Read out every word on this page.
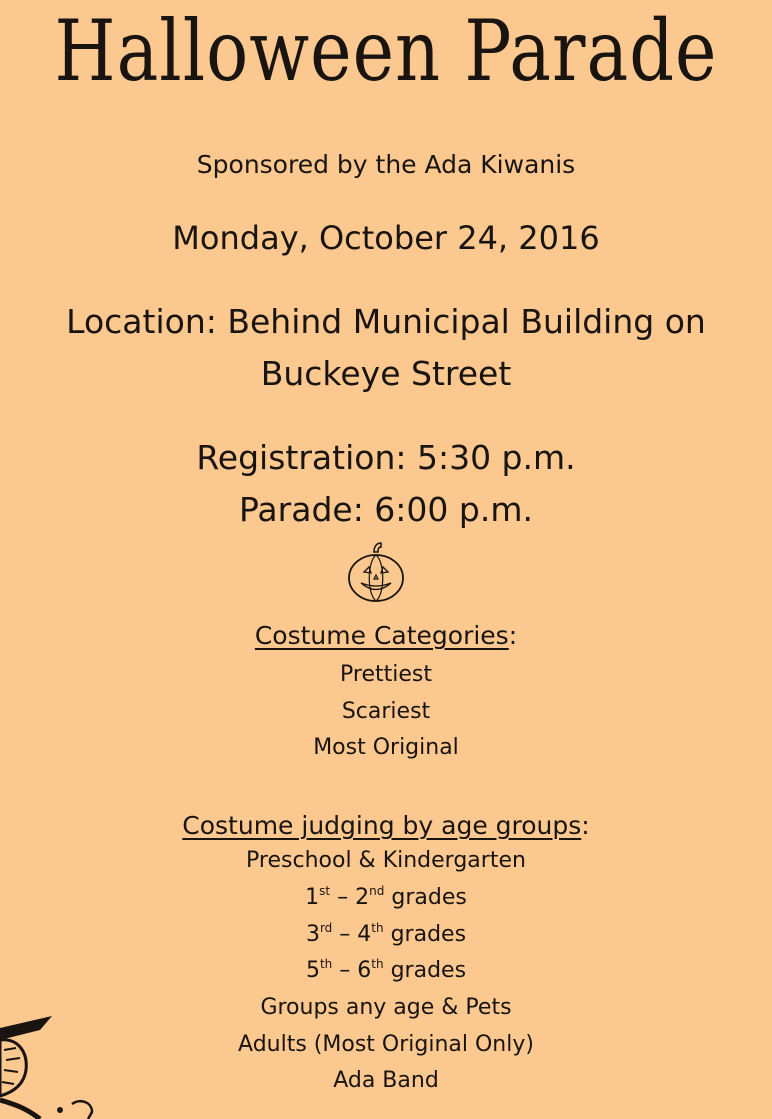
Halloween Parade
Sponsored by the Ada Kiwanis
Monday, October 24, 2016
Location: Behind Municipal Building on
Buckeye Street
Registration: 5:30 p.m.
Parade: 6:00 p.m.
Costume Categories:
Prettiest
Scariest
Most Original
Costume judging by age groups:
Preschool & Kindergarten
1st – 2nd grades
3rd – 4th grades
5th – 6th grades
Groups any age & Pets
Adults (Most Original Only)
Ada Band
